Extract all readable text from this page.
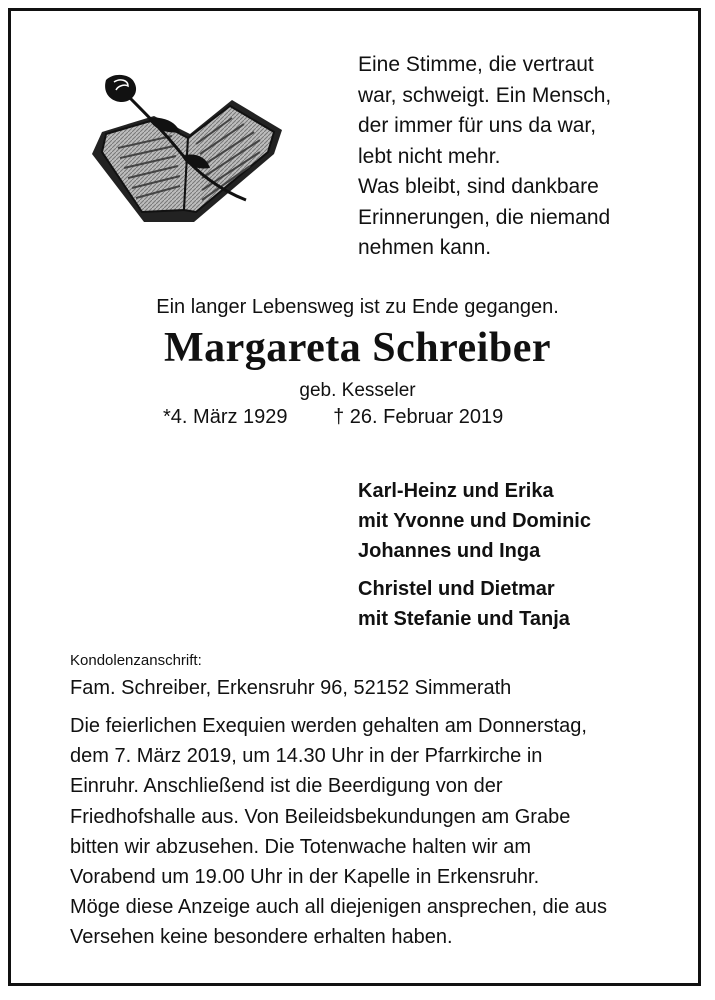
Eine Stimme, die vertraut
war, schweigt. Ein Mensch,
der immer für uns da war,
lebt nicht mehr.
Was bleibt, sind dankbare
Erinnerungen, die niemand
nehmen kann.
Ein langer Lebensweg ist zu Ende gegangen.
Margareta Schreiber
geb. Kesseler
*4. März 1929 † 26. Februar 2019
Karl-Heinz und Erika
mit Yvonne und Dominic
Johannes und Inga
Christel und Dietmar
mit Stefanie und Tanja
Kondolenzanschrift:
Fam. Schreiber, Erkensruhr 96, 52152 Simmerath
Die feierlichen Exequien werden gehalten am Donnerstag,
dem 7. März 2019, um 14.30 Uhr in der Pfarrkirche in
Einruhr. Anschließend ist die Beerdigung von der
Friedhofshalle aus. Von Beileidsbekundungen am Grabe
bitten wir abzusehen. Die Totenwache halten wir am
Vorabend um 19.00 Uhr in der Kapelle in Erkensruhr.
Möge diese Anzeige auch all diejenigen ansprechen, die aus
Versehen keine besondere erhalten haben.
